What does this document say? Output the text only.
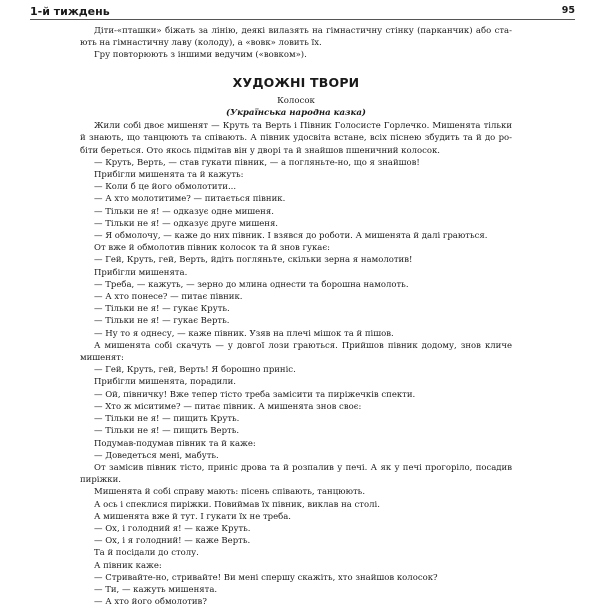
1-й тиждень	95

Діти-«пташки» біжать за лінію, деякі вилазять на гімнастичну стінку (парканчик) або ста-ють на гімнастичну лаву (колоду), а «вовк» ловить їх.

Гру повторюють з іншими ведучим («вовком»).

ХУДОЖНІ ТВОРИ
Колосок
(Українська народна казка)

Жили собі двоє мишенят — Круть та Верть і Півник Голосисте Горлечко. Мишенята тільки й знають, що танцюють та співають. А півник удосвіта встане, всіх піснею збудить та й до ро-біти береться. Ото якось підмітав він у дворі та й знайшов пшеничний колосок.

— Круть, Верть, — став гукати півник, — а погляньте-но, що я знайшов!

Прибігли мишенята та й кажуть:

— Коли б це його обмолотити...

— А хто молотитиме? — питається півник.

— Тільки не я! — одказує одне мишеня.

— Тільки не я! — одказує друге мишеня.

— Я обмолочу, — каже до них півник. І взявся до роботи. А мишенята й далі граються.

От вже й обмолотив півник колосок та й знов гукає:

— Гей, Круть, гей, Верть, йдіть погляньте, скільки зерна я намолотив!

Прибігли мишенята.

— Треба, — кажуть, — зерно до млина однести та борошна намолоть.

— А хто понесе? — питає півник.

— Тільки не я! — гукає Круть.

— Тільки не я! — гукає Верть.

— Ну то я однесу, — каже півник. Узяв на плечі мішок та й пішов.

А мишенята собі скачуть — у довгої лози граються. Прийшов півник додому, знов кличе мишенят:

— Гей, Круть, гей, Верть! Я борошно приніс.

Прибігли мишенята, порадили.

— Ой, півничку! Вже тепер тісто треба замісити та пиріжечків спекти.

— Хто ж міситиме? — питає півник. А мишенята знов своє:

— Тільки не я! — пищить Круть.

— Тільки не я! — пищить Верть.

Подумав-подумав півник та й каже:

— Доведеться мені, мабуть.

От замісив півник тісто, приніс дрова та й розпалив у печі. А як у печі прогоріло, посадив пиріжки.

Мишенята й собі справу мають: пісень співають, танцюють.

А ось і спеклися пиріжки. Повиймав їх півник, виклав на столі.

А мишенята вже й тут. І гукати їх не треба.

— Ох, і голодний я! — каже Круть.

— Ох, і я голодний! — каже Верть.

Та й посідали до столу.

А півник каже:

— Стривайте-но, стривайте! Ви мені спершу скажіть, хто знайшов колосок?

— Ти, — кажуть мишенята.

— А хто його обмолотив?
